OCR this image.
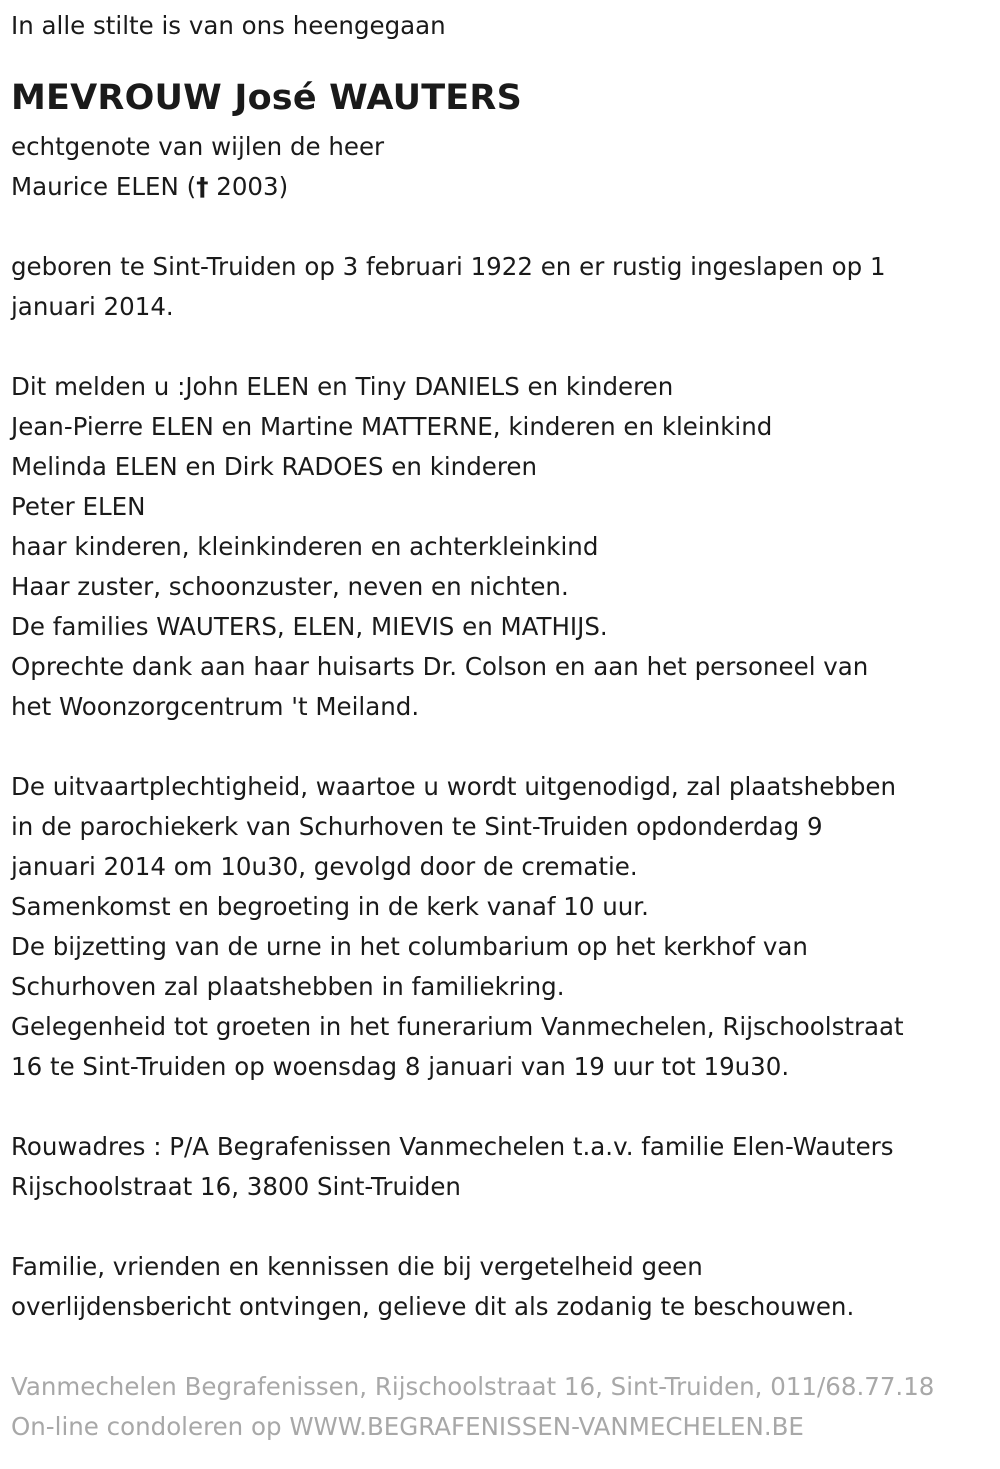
In alle stilte is van ons heengegaan
MEVROUW José WAUTERS
echtgenote van wijlen de heer
Maurice ELEN († 2003)
geboren te Sint-Truiden op 3 februari 1922 en er rustig ingeslapen op 1
januari 2014.
Dit melden u :John ELEN en Tiny DANIELS en kinderen
Jean-Pierre ELEN en Martine MATTERNE, kinderen en kleinkind
Melinda ELEN en Dirk RADOES en kinderen
Peter ELEN
haar kinderen, kleinkinderen en achterkleinkind
Haar zuster, schoonzuster, neven en nichten.
De families WAUTERS, ELEN, MIEVIS en MATHIJS.
Oprechte dank aan haar huisarts Dr. Colson en aan het personeel van
het Woonzorgcentrum 't Meiland.
De uitvaartplechtigheid, waartoe u wordt uitgenodigd, zal plaatshebben
in de parochiekerk van Schurhoven te Sint-Truiden opdonderdag 9
januari 2014 om 10u30, gevolgd door de crematie.
Samenkomst en begroeting in de kerk vanaf 10 uur.
De bijzetting van de urne in het columbarium op het kerkhof van
Schurhoven zal plaatshebben in familiekring.
Gelegenheid tot groeten in het funerarium Vanmechelen, Rijschoolstraat
16 te Sint-Truiden op woensdag 8 januari van 19 uur tot 19u30.
Rouwadres : P/A Begrafenissen Vanmechelen t.a.v. familie Elen-Wauters
Rijschoolstraat 16, 3800 Sint-Truiden
Familie, vrienden en kennissen die bij vergetelheid geen
overlijdensbericht ontvingen, gelieve dit als zodanig te beschouwen.
Vanmechelen Begrafenissen, Rijschoolstraat 16, Sint-Truiden, 011/68.77.18
On-line condoleren op WWW.BEGRAFENISSEN-VANMECHELEN.BE
